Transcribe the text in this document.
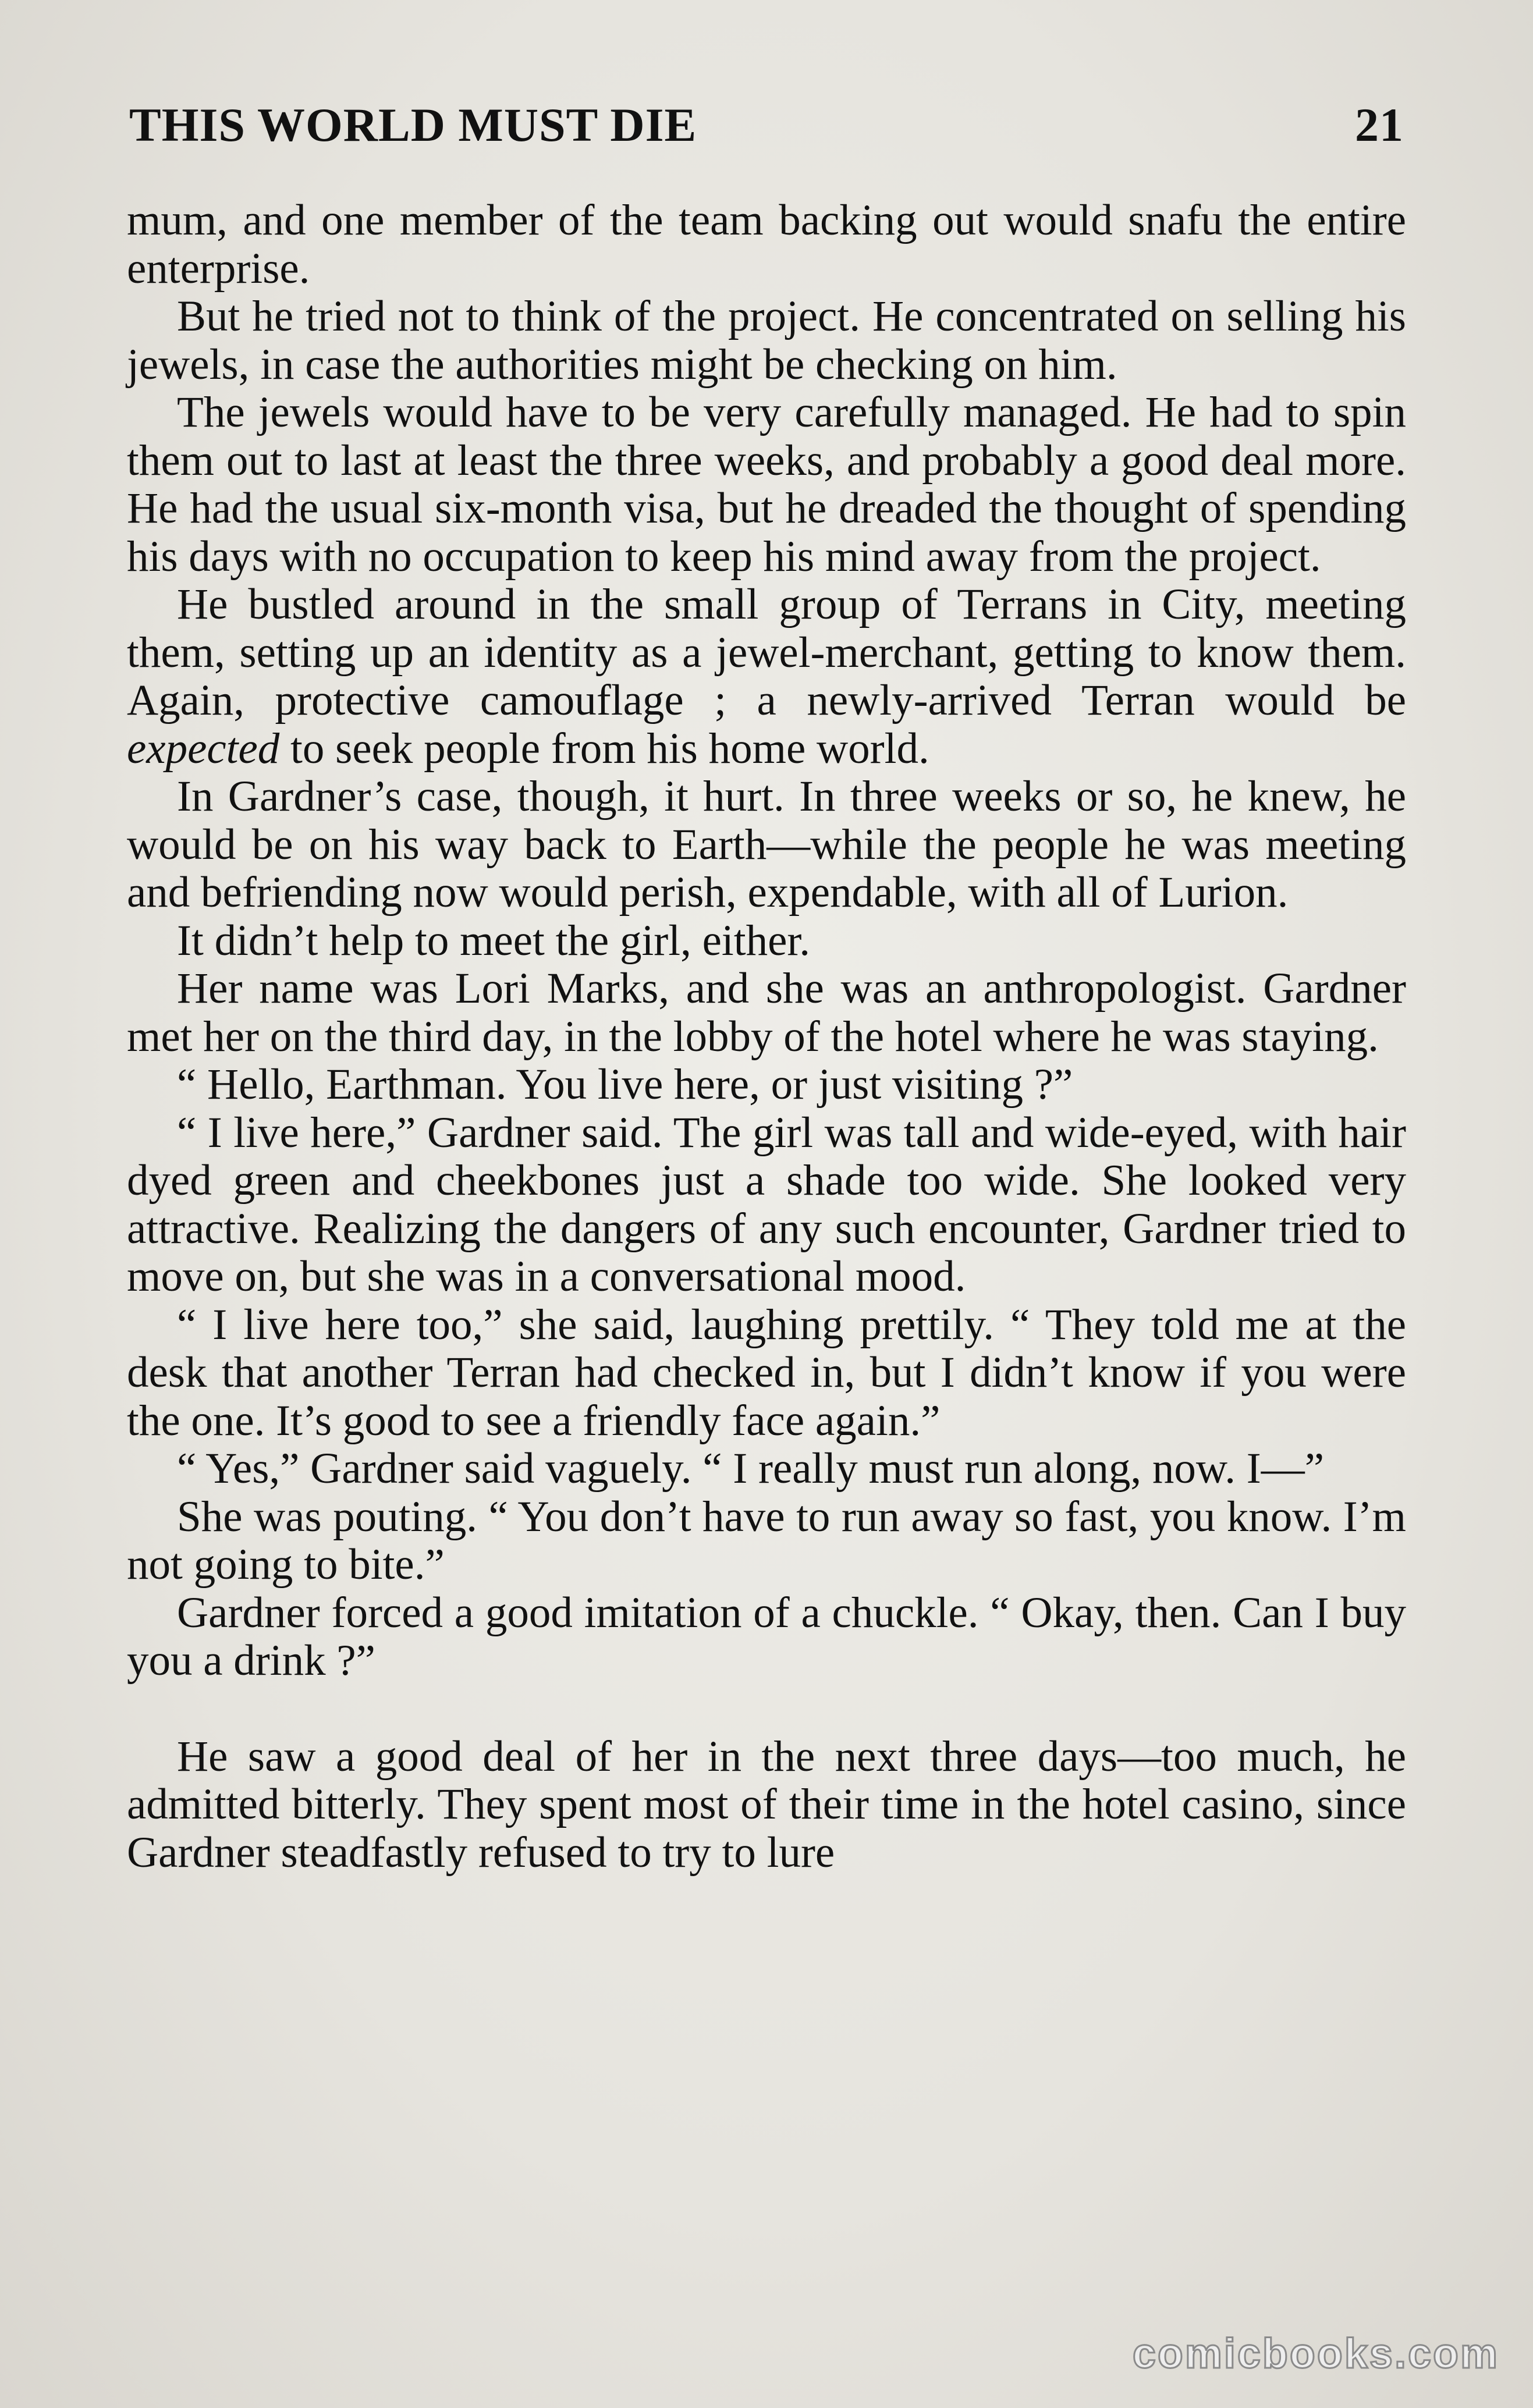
THIS WORLD MUST DIE	21

mum, and one member of the team backing out would snafu the entire enterprise.

But he tried not to think of the project. He concentrated on selling his jewels, in case the authorities might be checking on him.

The jewels would have to be very carefully managed. He had to spin them out to last at least the three weeks, and probably a good deal more. He had the usual six-month visa, but he dreaded the thought of spending his days with no occupation to keep his mind away from the project.

He bustled around in the small group of Terrans in City, meeting them, setting up an identity as a jewel-merchant, getting to know them. Again, protective camouflage ; a newly-arrived Terran would be expected to seek people from his home world.

In Gardner’s case, though, it hurt. In three weeks or so, he knew, he would be on his way back to Earth—while the people he was meeting and befriending now would perish, expendable, with all of Lurion.

It didn’t help to meet the girl, either.

Her name was Lori Marks, and she was an anthropologist. Gardner met her on the third day, in the lobby of the hotel where he was staying.

“ Hello, Earthman. You live here, or just visiting ?”

“ I live here,” Gardner said. The girl was tall and wide-eyed, with hair dyed green and cheekbones just a shade too wide. She looked very attractive. Realizing the dangers of any such encounter, Gardner tried to move on, but she was in a conversational mood.

“ I live here too,” she said, laughing prettily. “ They told me at the desk that another Terran had checked in, but I didn’t know if you were the one. It’s good to see a friendly face again.”

“ Yes,” Gardner said vaguely. “ I really must run along, now. I—”

She was pouting. “ You don’t have to run away so fast, you know. I’m not going to bite.”

Gardner forced a good imitation of a chuckle. “ Okay, then. Can I buy you a drink ?”

He saw a good deal of her in the next three days—too much, he admitted bitterly. They spent most of their time in the hotel casino, since Gardner steadfastly refused to try to lure

comicbooks.com
